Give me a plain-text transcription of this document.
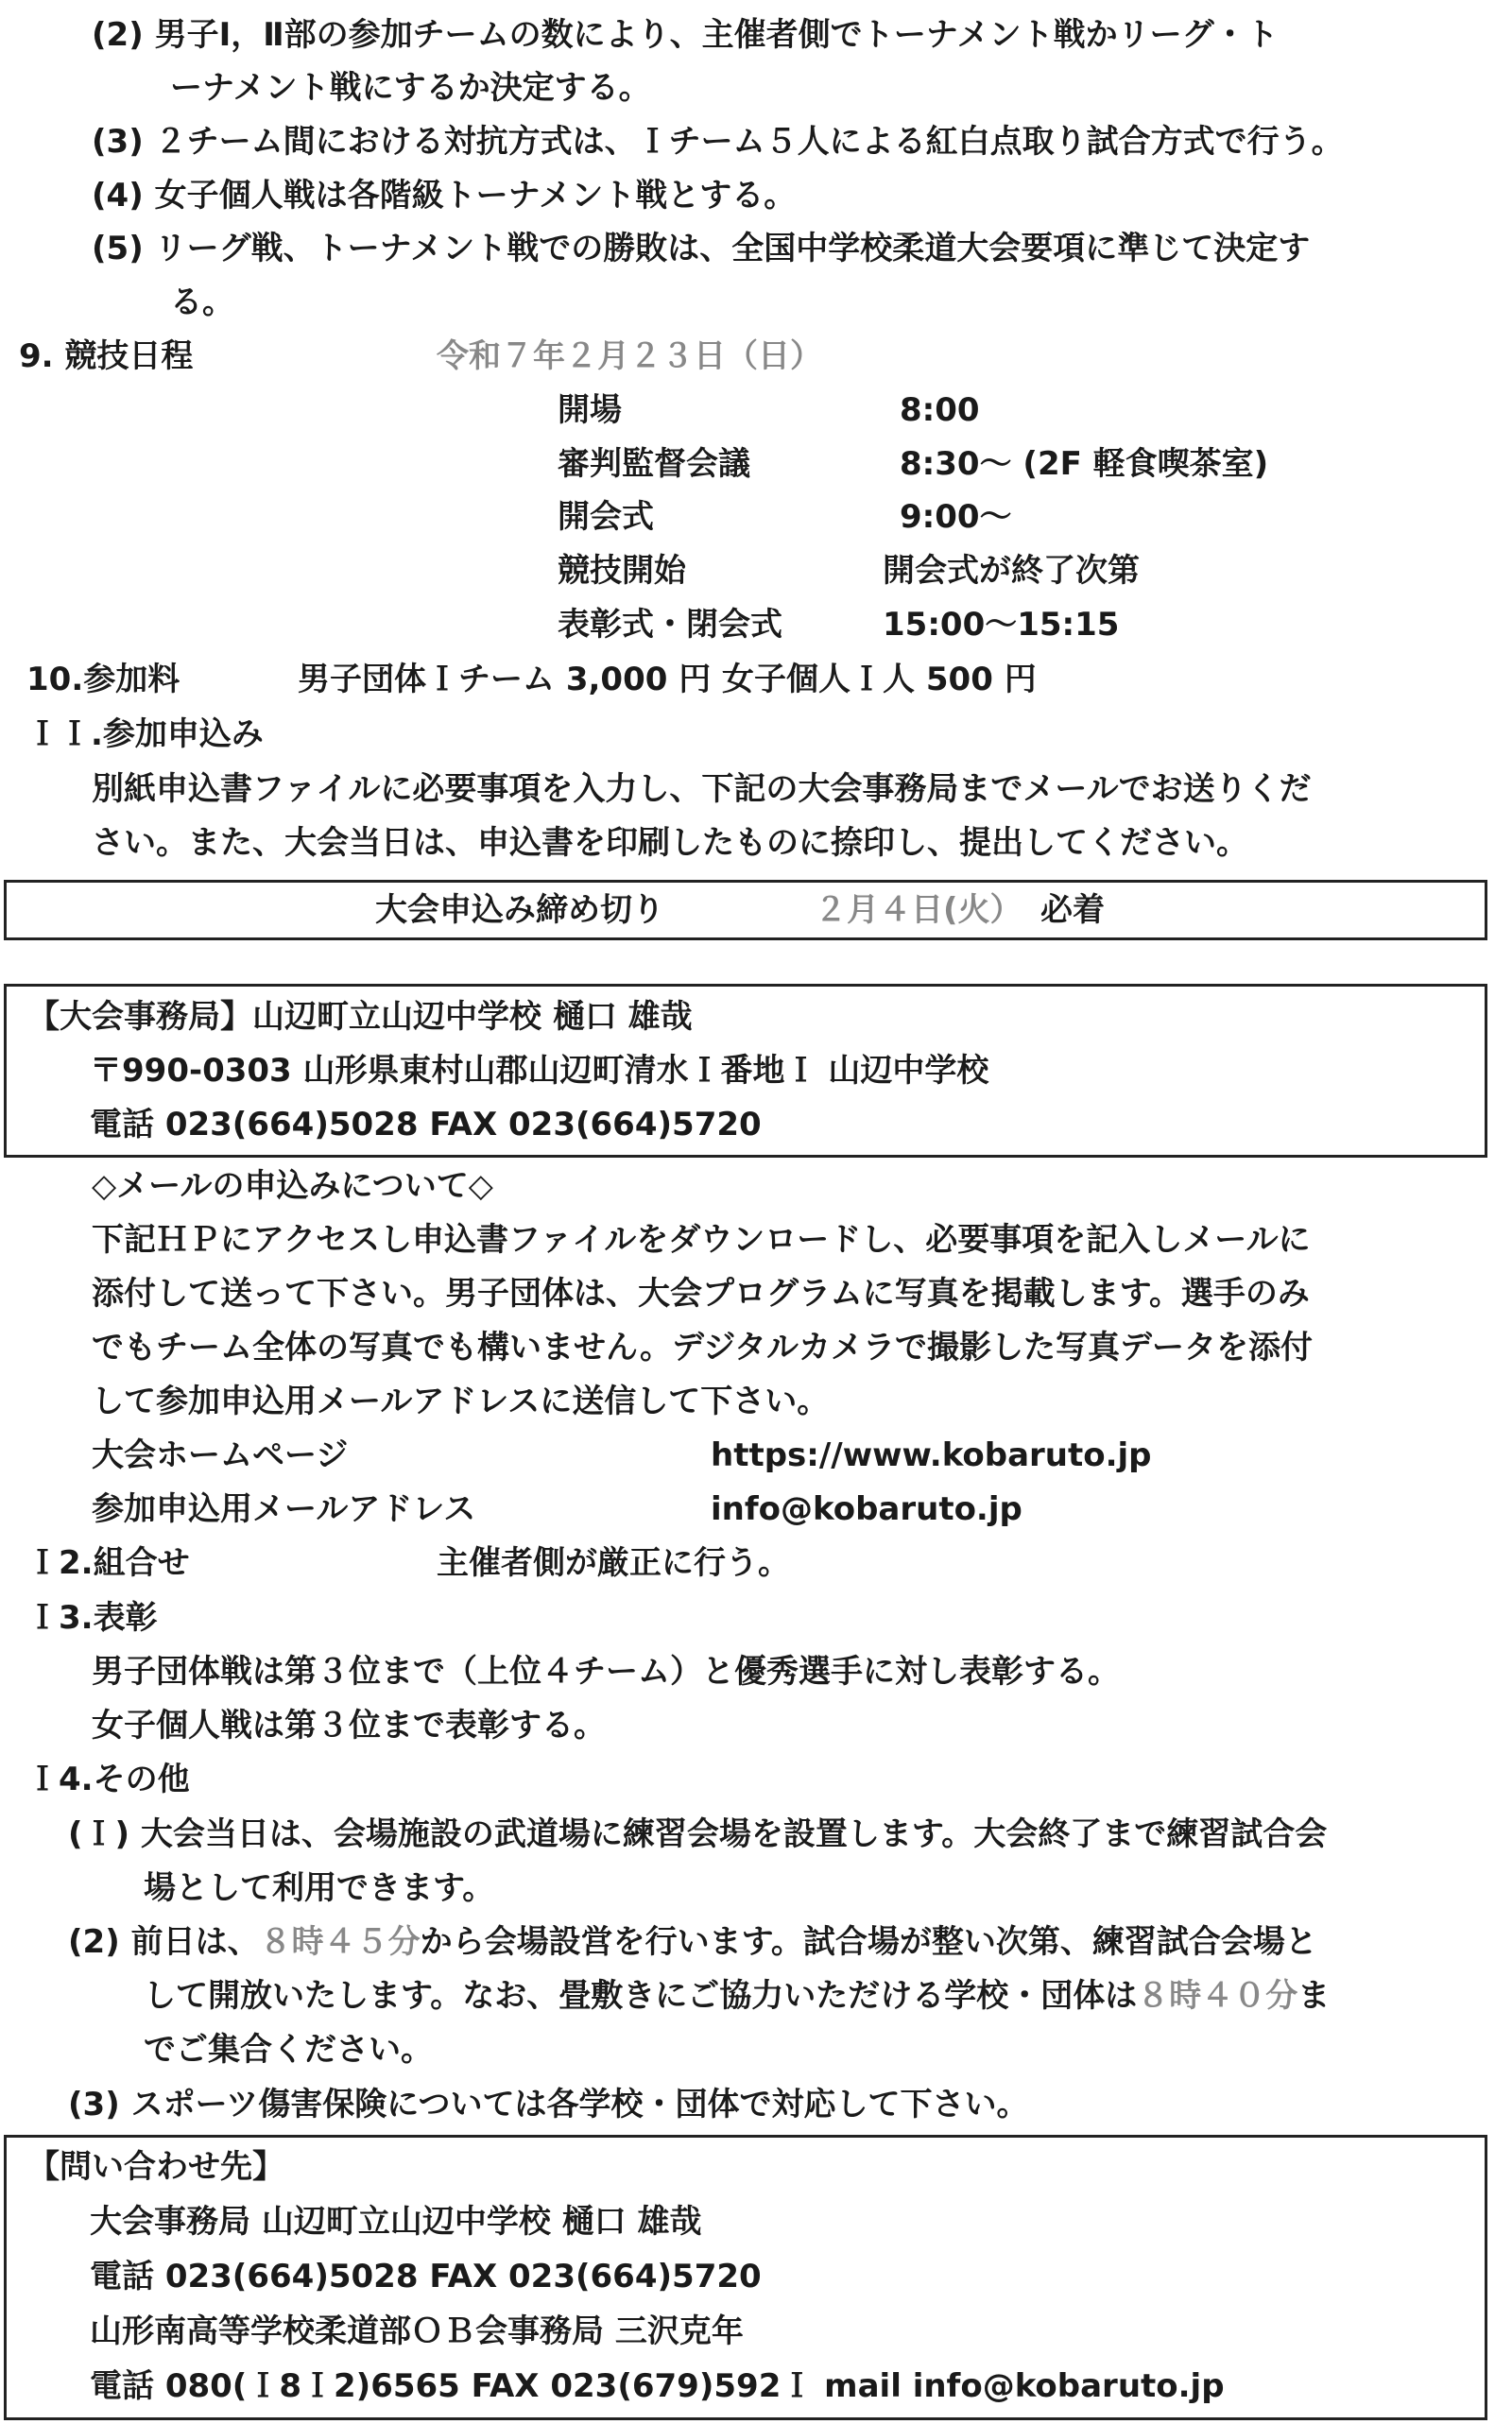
(2) 男子Ⅰ，Ⅱ部の参加チームの数により、主催者側でトーナメント戦かリーグ・ト
ーナメント戦にするか決定する。
(3) ２チーム間における対抗方式は、Ｉチーム５人による紅白点取り試合方式で行う。
(4) 女子個人戦は各階級トーナメント戦とする。
(5) リーグ戦、トーナメント戦での勝敗は、全国中学校柔道大会要項に準じて決定す
る。
9. 競技日程	令和７年２月２３日（日）
開場	8:00
審判監督会議	8:30～ (2F 軽食喫茶室)
開会式	9:00～
競技開始	開会式が終了次第
表彰式・閉会式	15:00～15:15
10.参加料	男子団体Ｉチーム 3,000 円 女子個人Ｉ人 500 円
ＩＩ.参加申込み
別紙申込書ファイルに必要事項を入力し、下記の大会事務局までメールでお送りくだ
さい。また、大会当日は、申込書を印刷したものに捺印し、提出してください。
大会申込み締め切り	２月４日(火） 必着
【大会事務局】山辺町立山辺中学校 樋口 雄哉
〒990-0303 山形県東村山郡山辺町清水Ｉ番地Ｉ 山辺中学校
電話 023(664)5028 FAX 023(664)5720
◇メールの申込みについて◇
下記ＨＰにアクセスし申込書ファイルをダウンロードし、必要事項を記入しメールに
添付して送って下さい。男子団体は、大会プログラムに写真を掲載します。選手のみ
でもチーム全体の写真でも構いません。デジタルカメラで撮影した写真データを添付
して参加申込用メールアドレスに送信して下さい。
大会ホームページ	https://www.kobaruto.jp
参加申込用メールアドレス	info@kobaruto.jp
Ｉ2.組合せ	主催者側が厳正に行う。
Ｉ3.表彰
男子団体戦は第３位まで（上位４チーム）と優秀選手に対し表彰する。
女子個人戦は第３位まで表彰する。
Ｉ4.その他
(Ｉ) 大会当日は、会場施設の武道場に練習会場を設置します。大会終了まで練習試合会
場として利用できます。
(2) 前日は、８時４５分から会場設営を行います。試合場が整い次第、練習試合会場と
して開放いたします。なお、畳敷きにご協力いただける学校・団体は８時４０分ま
でご集合ください。
(3) スポーツ傷害保険については各学校・団体で対応して下さい。
【問い合わせ先】
大会事務局 山辺町立山辺中学校 樋口 雄哉
電話 023(664)5028 FAX 023(664)5720
山形南高等学校柔道部ＯＢ会事務局 三沢克年
電話 080(Ｉ8Ｉ2)6565 FAX 023(679)592Ｉ mail info@kobaruto.jp
